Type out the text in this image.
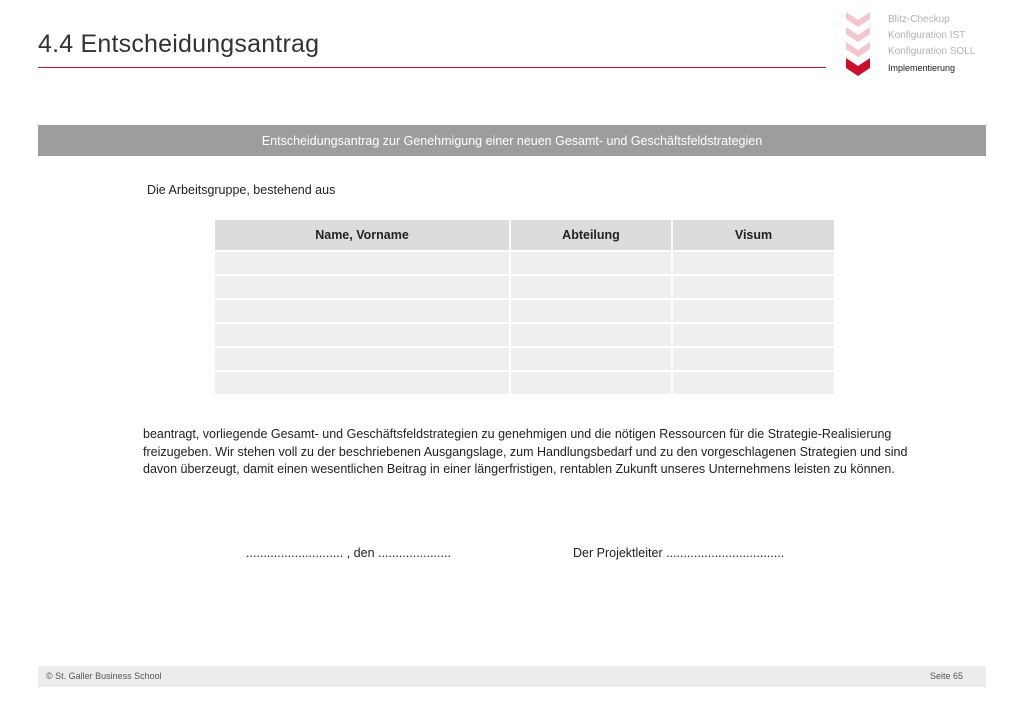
4.4 Entscheidungsantrag
Blitz-Checkup
Konfiguration IST
Konfiguration SOLL
Implementierung
Entscheidungsantrag zur Genehmigung einer neuen Gesamt- und Geschäftsfeldstrategien
Die Arbeitsgruppe, bestehend aus
Name, Vorname	Abteilung	Visum

beantragt, vorliegende Gesamt- und Geschäftsfeldstrategien zu genehmigen und die nötigen Ressourcen für die Strategie-Realisierung freizugeben. Wir stehen voll zu der beschriebenen Ausgangslage, zum Handlungsbedarf und zu den vorgeschlagenen Strategien und sind davon überzeugt, damit einen wesentlichen Beitrag in einer längerfristigen, rentablen Zukunft unseres Unternehmens leisten zu können.
............................ , den .....................	Der Projektleiter ..................................
© St. Galler Business School	Seite 65
